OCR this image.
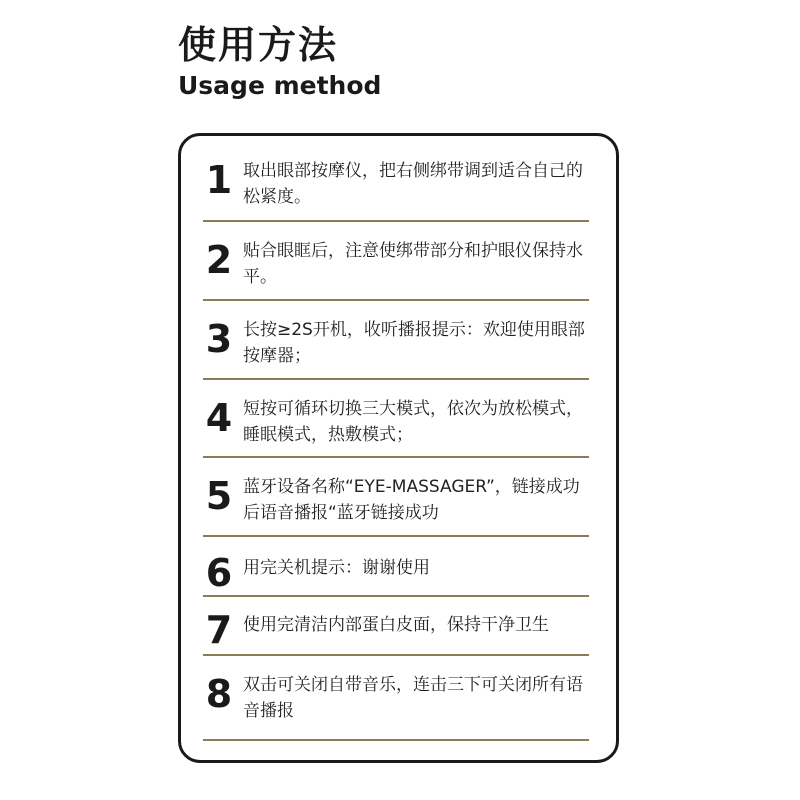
使用方法
Usage method
1 取出眼部按摩仪，把右侧绑带调到适合自己的松紧度。
2 贴合眼眶后，注意使绑带部分和护眼仪保持水平。
3 长按≥2S开机，收听播报提示：欢迎使用眼部按摩器；
4 短按可循环切换三大模式，依次为放松模式，睡眠模式，热敷模式；
5 蓝牙设备名称“EYE-MASSAGER”，链接成功后语音播报“蓝牙链接成功
6 用完关机提示：谢谢使用
7 使用完清洁内部蛋白皮面，保持干净卫生
8 双击可关闭自带音乐，连击三下可关闭所有语音播报
